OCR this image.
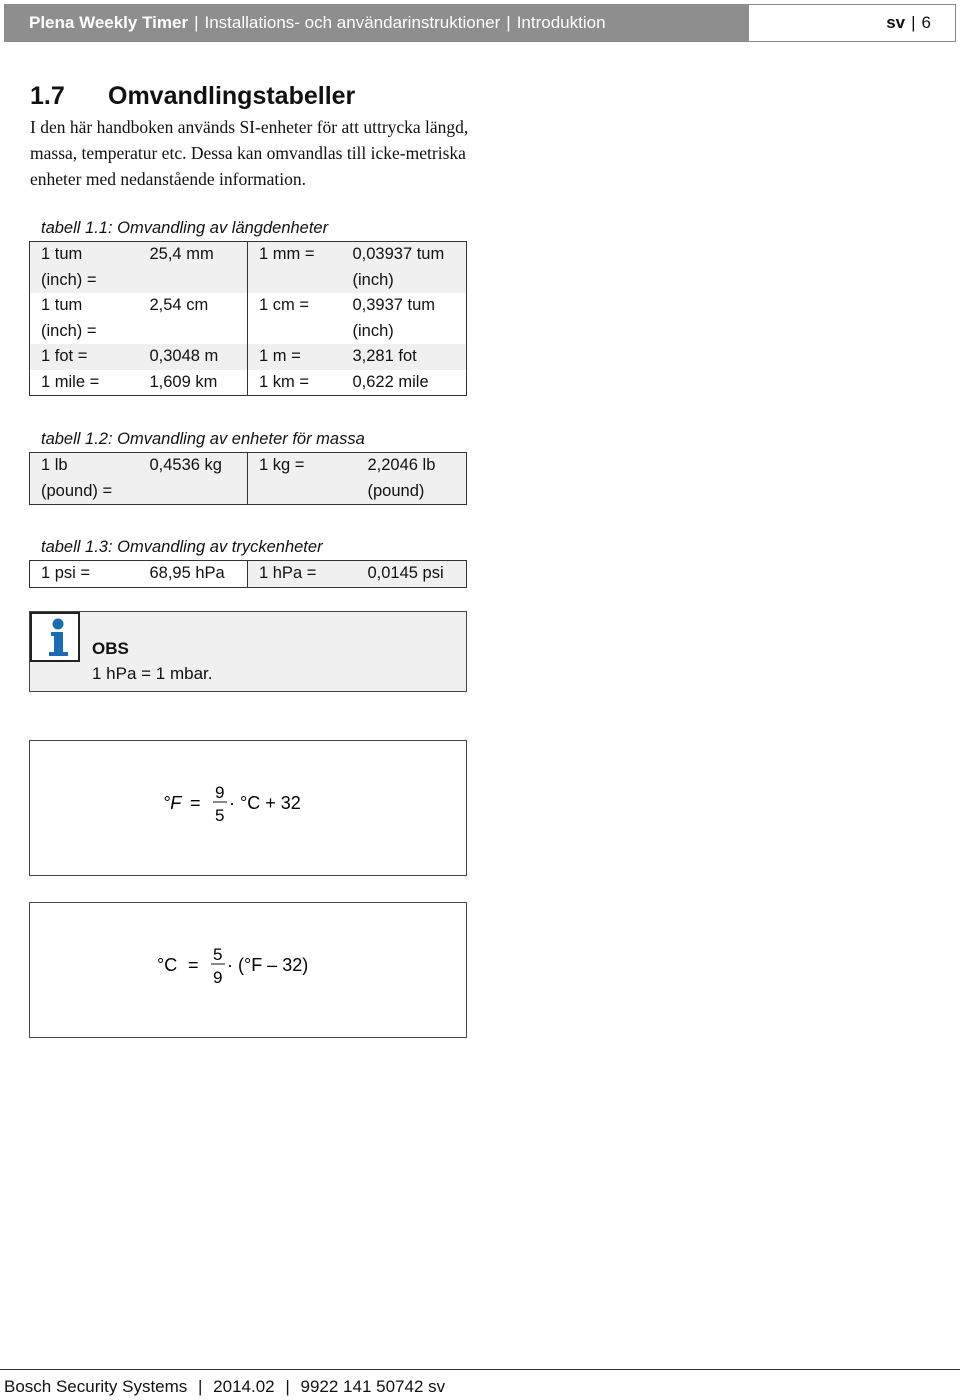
Plena Weekly Timer | Installations- och användarinstruktioner | Introduktion	sv | 6
1.7	Omvandlingstabeller
I den här handboken används SI-enheter för att uttrycka längd, massa, temperatur etc. Dessa kan omvandlas till icke-metriska enheter med nedanstående information.
tabell 1.1: Omvandling av längdenheter
1 tum (inch) =	25,4 mm	1 mm =	0,03937 tum (inch)
1 tum (inch) =	2,54 cm	1 cm =	0,3937 tum (inch)
1 fot =	0,3048 m	1 m =	3,281 fot
1 mile =	1,609 km	1 km =	0,622 mile
tabell 1.2: Omvandling av enheter för massa
1 lb (pound) =	0,4536 kg	1 kg =	2,2046 lb (pound)
tabell 1.3: Omvandling av tryckenheter
1 psi =	68,95 hPa	1 hPa =	0,0145 psi
OBS
1 hPa = 1 mbar.
°F =
9
5
· °C + 32
°C =
5
9
· (°F – 32)
Bosch Security Systems | 2014.02 | 9922 141 50742 sv
